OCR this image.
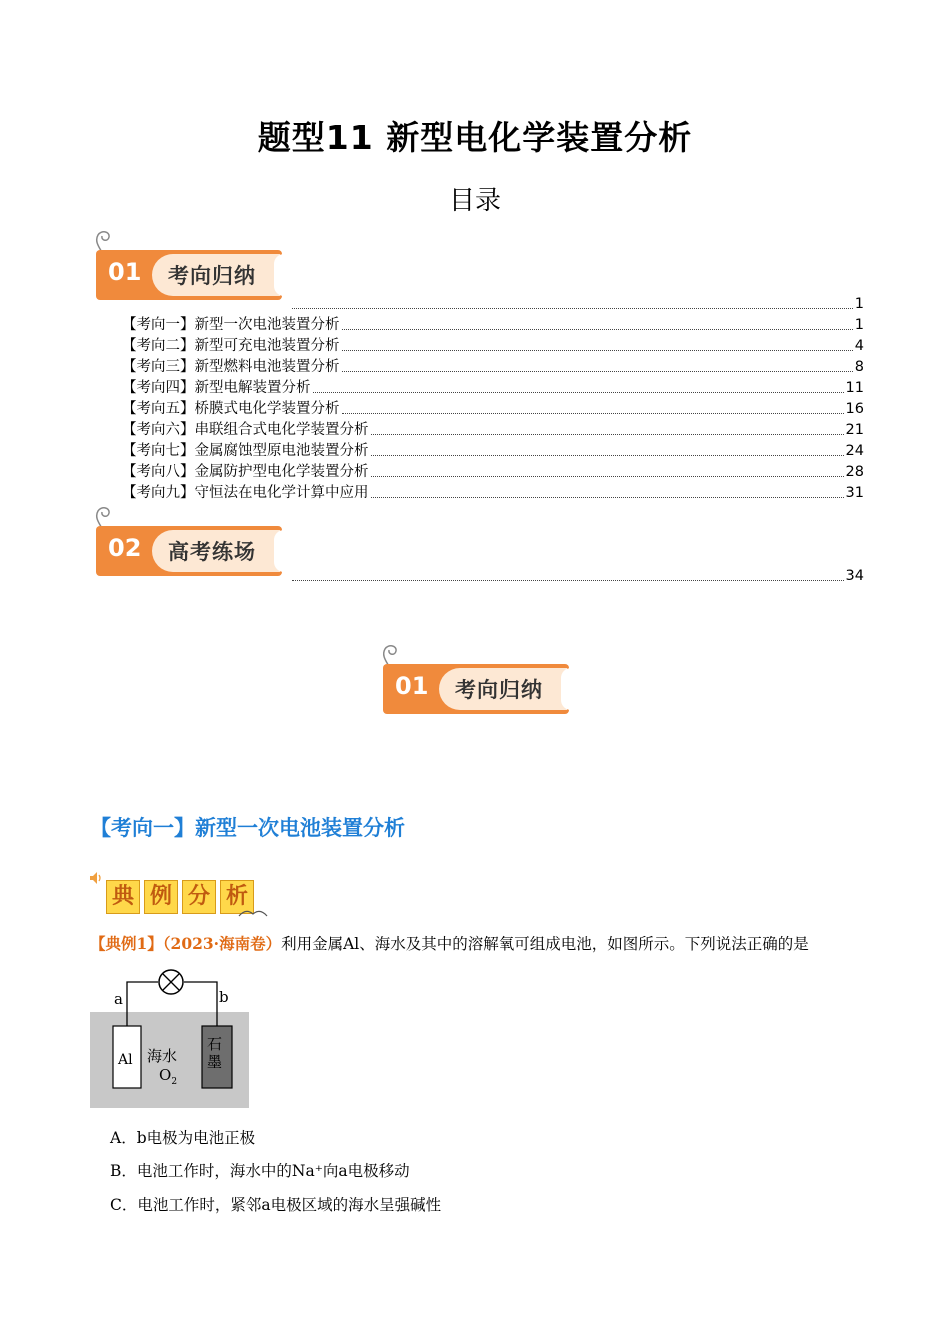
题型11 新型电化学装置分析
目录
01	考向归纳
1
【考向一】新型一次电池装置分析	1
【考向二】新型可充电池装置分析	4
【考向三】新型燃料电池装置分析	8
【考向四】新型电解装置分析	11
【考向五】桥膜式电化学装置分析	16
【考向六】串联组合式电化学装置分析	21
【考向七】金属腐蚀型原电池装置分析	24
【考向八】金属防护型电化学装置分析	28
【考向九】守恒法在电化学计算中应用	31
02	高考练场
34
01	考向归纳
【考向一】新型一次电池装置分析
典 例 分 析
【典例1】（2023·海南卷）利用金属Al、海水及其中的溶解氧可组成电池，如图所示。下列说法正确的是
a	b
Al
石墨
海水
$O_2$
A．b电极为电池正极
B．电池工作时，海水中的Na⁺向a电极移动
C．电池工作时，紧邻a电极区域的海水呈强碱性
